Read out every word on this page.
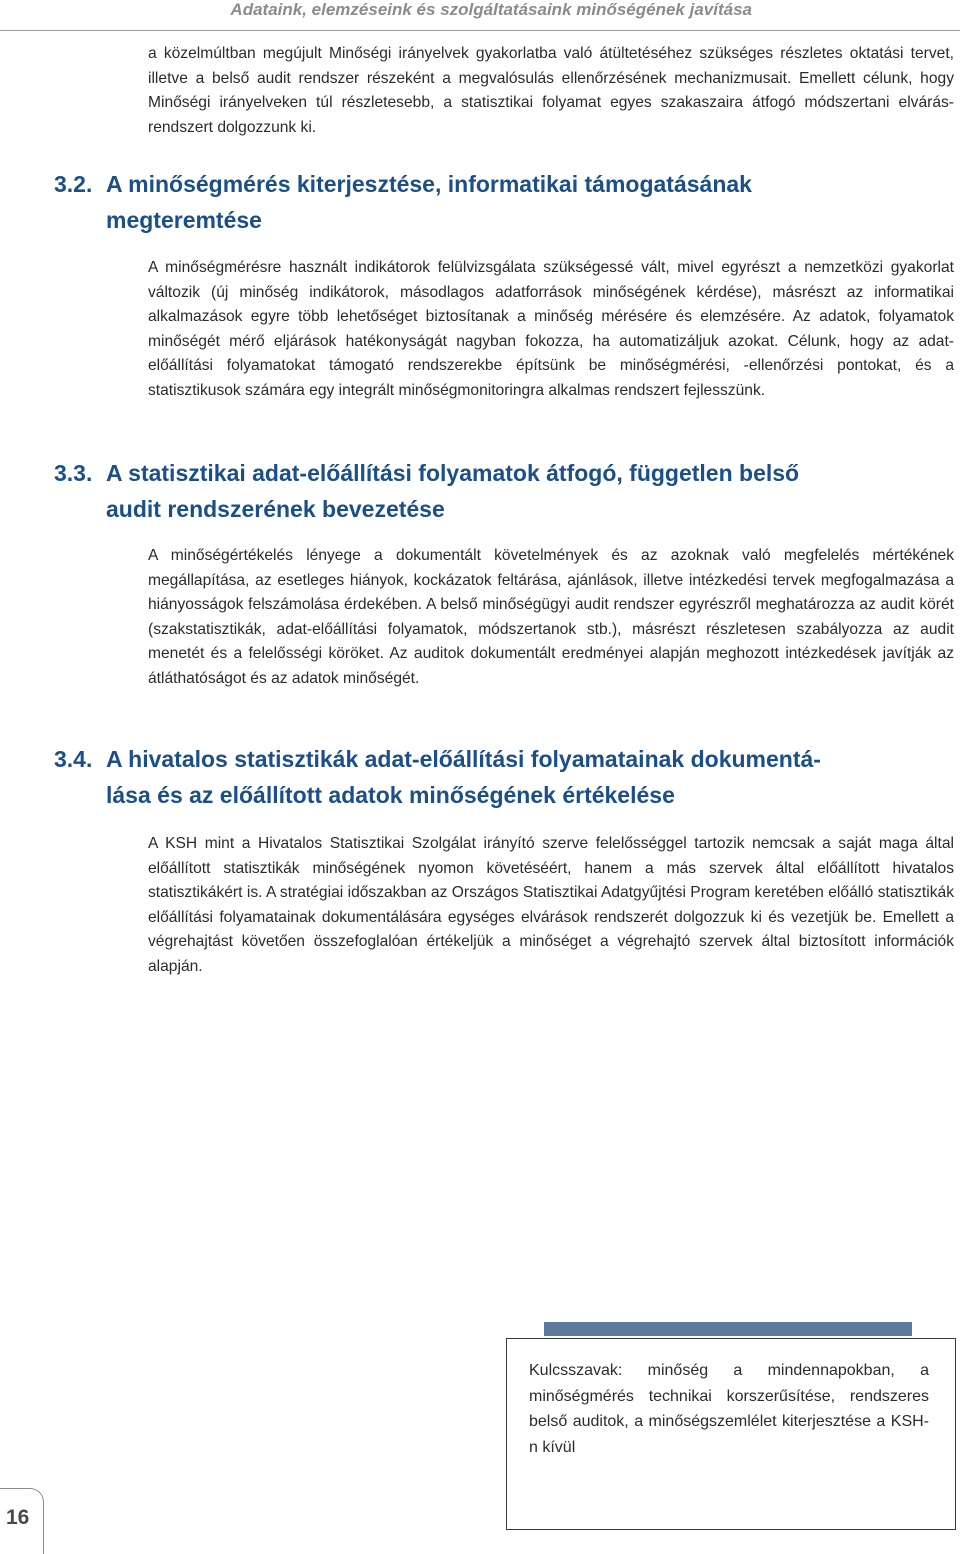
Adataink, elemzéseink és szolgáltatásaink minőségének javítása

a közelmúltban megújult Minőségi irányelvek gyakorlatba való átültetéséhez szükséges részletes oktatási tervet, illetve a belső audit rendszer részeként a megvalósulás ellenőrzésének mechanizmusait. Emellett célunk, hogy Minőségi irányelveken túl részletesebb, a statisztikai folyamat egyes szakaszaira átfogó módszertani elvárás-rendszert dolgozzunk ki.

3.2. A minőségmérés kiterjesztése, informatikai támogatásának
megteremtése

A minőségmérésre használt indikátorok felülvizsgálata szükségessé vált, mivel egyrészt a nemzetközi gyakorlat változik (új minőség indikátorok, másodlagos adatforrások minőségének kérdése), másrészt az informatikai alkalmazások egyre több lehetőséget biztosítanak a minőség mérésére és elemzésére. Az adatok, folyamatok minőségét mérő eljárások hatékonyságát nagyban fokozza, ha automatizáljuk azokat. Célunk, hogy az adat-előállítási folyamatokat támogató rendszerekbe építsünk be minőségmérési, -ellenőrzési pontokat, és a statisztikusok számára egy integrált minőségmonitoringra alkalmas rendszert fejlesszünk.

3.3. A statisztikai adat-előállítási folyamatok átfogó, független belső
audit rendszerének bevezetése

A minőségértékelés lényege a dokumentált követelmények és az azoknak való megfelelés mértékének megállapítása, az esetleges hiányok, kockázatok feltárása, ajánlások, illetve intézkedési tervek megfogalmazása a hiányosságok felszámolása érdekében. A belső minőségügyi audit rendszer egyrészről meghatározza az audit körét (szakstatisztikák, adat-előállítási folyamatok, módszertanok stb.), másrészt részletesen szabályozza az audit menetét és a felelősségi köröket. Az auditok dokumentált eredményei alapján meghozott intézkedések javítják az átláthatóságot és az adatok minőségét.

3.4. A hivatalos statisztikák adat-előállítási folyamatainak dokumentá-
lása és az előállított adatok minőségének értékelése

A KSH mint a Hivatalos Statisztikai Szolgálat irányító szerve felelősséggel tartozik nemcsak a saját maga által előállított statisztikák minőségének nyomon követéséért, hanem a más szervek által előállított hivatalos statisztikákért is. A stratégiai időszakban az Országos Statisztikai Adatgyűjtési Program keretében előálló statisztikák előállítási folyamatainak dokumentálására egységes elvárások rendszerét dolgozzuk ki és vezetjük be. Emellett a végrehajtást követően összefoglalóan értékeljük a minőséget a végrehajtó szervek által biztosított információk alapján.

Kulcsszavak: minőség a mindennapokban, a minőségmérés technikai korszerűsítése, rendszeres belső auditok, a minőségszemlélet kiterjesztése a KSH-n kívül

16
